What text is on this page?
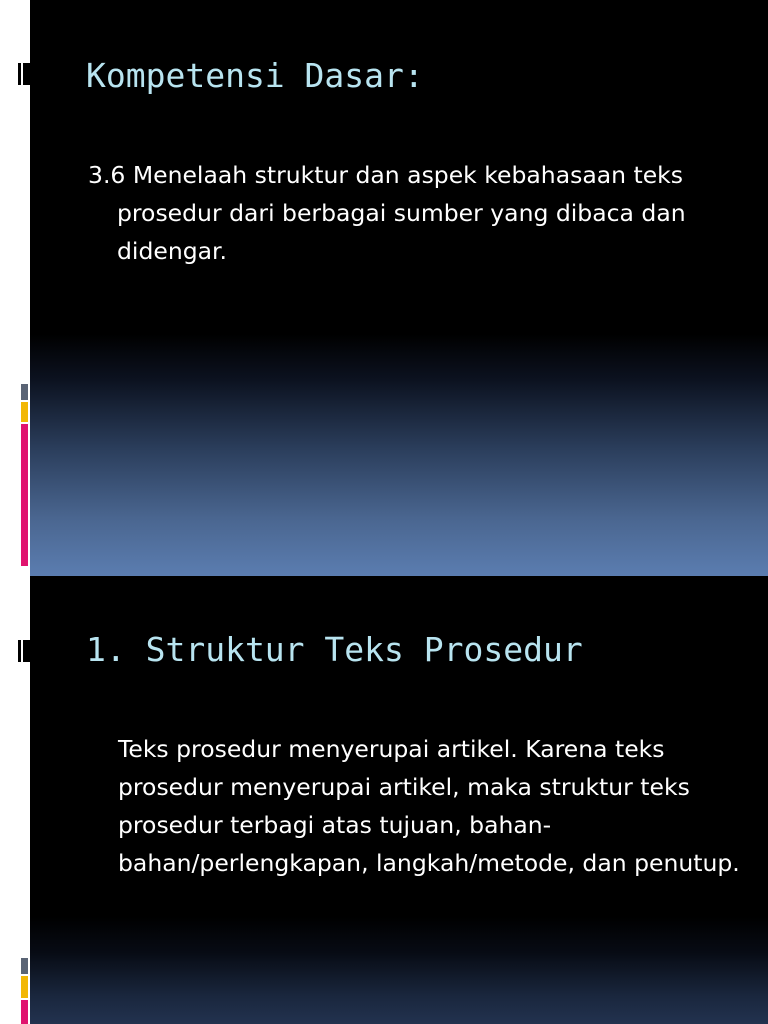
Kompetensi Dasar:

3.6 Menelaah struktur dan aspek kebahasaan teks prosedur dari berbagai sumber yang dibaca dan didengar.

1. Struktur Teks Prosedur

Teks prosedur menyerupai artikel. Karena teks prosedur menyerupai artikel, maka struktur teks prosedur terbagi atas tujuan, bahan-bahan/perlengkapan, langkah/metode, dan penutup.
